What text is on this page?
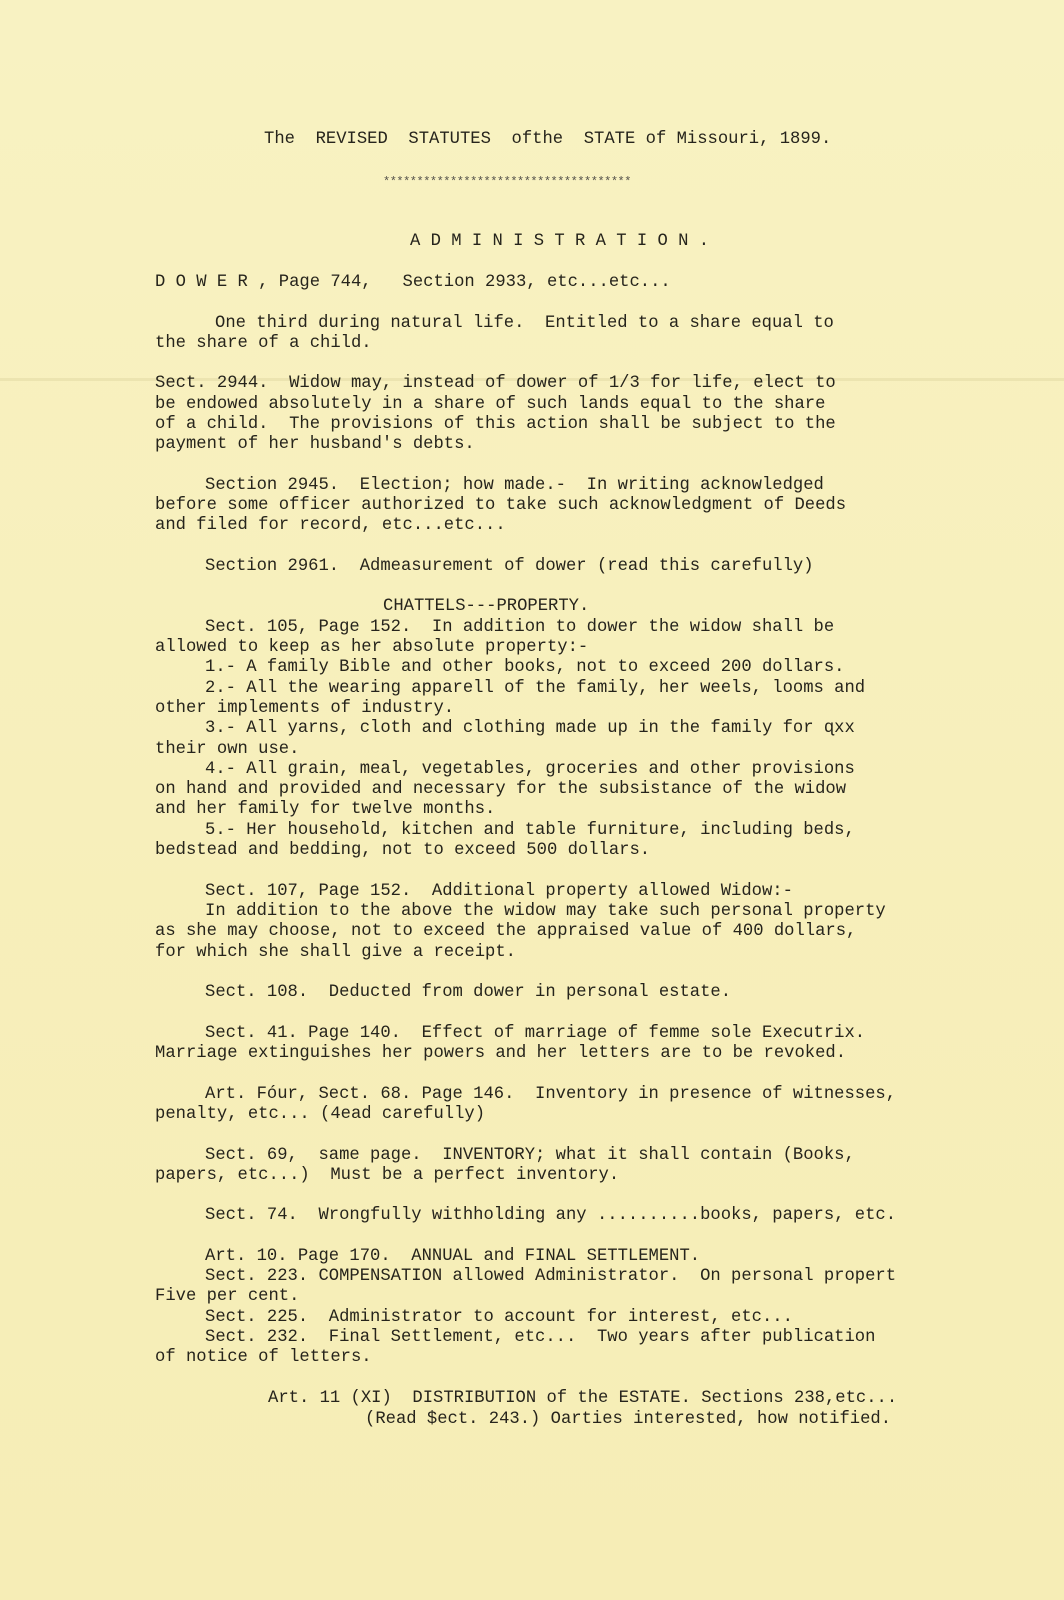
The  REVISED  STATUTES  ofthe  STATE of Missouri, 1899.

*************************************

A D M I N I S T R A T I O N .

D O W E R , Page 744,   Section 2933, etc...etc...

One third during natural life.  Entitled to a share equal to

the share of a child.

Sect. 2944.  Widow may, instead of dower of 1/3 for life, elect to

be endowed absolutely in a share of such lands equal to the share

of a child.  The provisions of this action shall be subject to the

payment of her husband's debts.

Section 2945.  Election; how made.-  In writing acknowledged

before some officer authorized to take such acknowledgment of Deeds

and filed for record, etc...etc...

Section 2961.  Admeasurement of dower (read this carefully)

CHATTELS---PROPERTY.

Sect. 105, Page 152.  In addition to dower the widow shall be

allowed to keep as her absolute property:-

1.- A family Bible and other books, not to exceed 200 dollars.

2.- All the wearing apparell of the family, her weels, looms and

other implements of industry.

3.- All yarns, cloth and clothing made up in the family for ɋxx

their own use.

4.- All grain, meal, vegetables, groceries and other provisions

on hand and provided and necessary for the subsistance of the widow

and her family for twelve months.

5.- Her household, kitchen and table furniture, including beds,

bedstead and bedding, not to exceed 500 dollars.

Sect. 107, Page 152.  Additional property allowed Widow:-

In addition to the above the widow may take such personal property

as she may choose, not to exceed the appraised value of 400 dollars,

for which she shall give a receipt.

Sect. 108.  Deducted from dower in personal estate.

Sect. 41. Page 140.  Effect of marriage of femme sole Executrix.

Marriage extinguishes her powers and her letters are to be revoked.

Art. Fóur, Sect. 68. Page 146.  Inventory in presence of witnesses,

penalty, etc... (4ead carefully)

Sect. 69,  same page.  INVENTORY; what it shall contain (Books,

papers, etc...)  Must be a perfect inventory.

Sect. 74.  Wrongfully withholding any ..........books, papers, etc.

Art. 10. Page 170.  ANNUAL and FINAL SETTLEMENT.

Sect. 223. COMPENSATION allowed Administrator.  On personal propert

Five per cent.

Sect. 225.  Administrator to account for interest, etc...

Sect. 232.  Final Settlement, etc...  Two years after publication

of notice of letters.

Art. 11 (XI)  DISTRIBUTION of the ESTATE. Sections 238,etc...

(Read $ect. 243.) Oarties interested, how notified.
